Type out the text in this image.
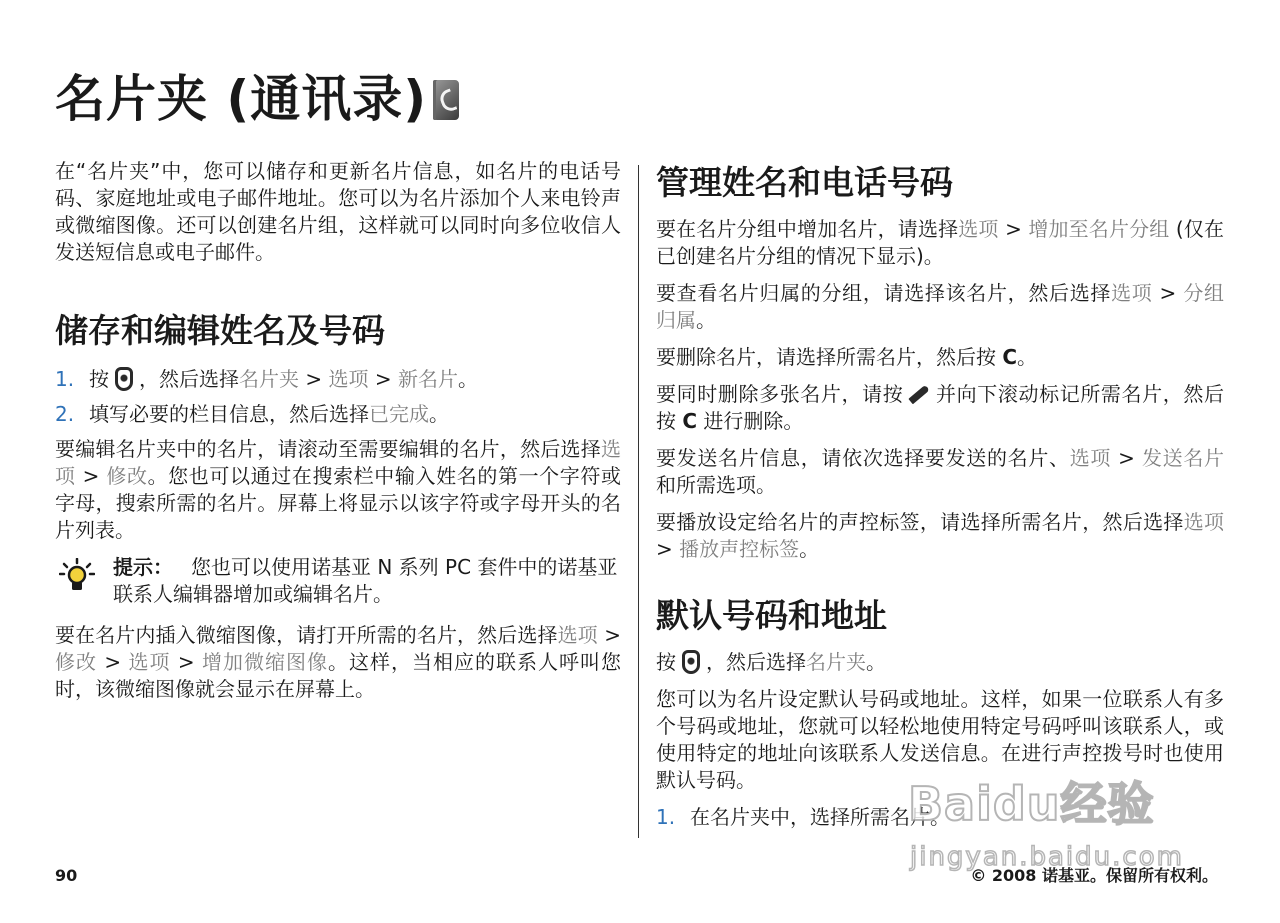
名片夹 (通讯录)

在“名片夹”中，您可以储存和更新名片信息，如名片的电话号码、家庭地址或电子邮件地址。您可以为名片添加个人来电铃声或微缩图像。还可以创建名片组，这样就可以同时向多位收信人发送短信息或电子邮件。

储存和编辑姓名及号码

1. 按 ，然后选择名片夹 > 选项 > 新名片。

2. 填写必要的栏目信息，然后选择已完成。

要编辑名片夹中的名片，请滚动至需要编辑的名片，然后选择选项 > 修改。您也可以通过在搜索栏中输入姓名的第一个字符或字母，搜索所需的名片。屏幕上将显示以该字符或字母开头的名片列表。

提示： 您也可以使用诺基亚 N 系列 PC 套件中的诺基亚联系人编辑器增加或编辑名片。

要在名片内插入微缩图像，请打开所需的名片，然后选择选项 > 修改 > 选项 > 增加微缩图像。这样，当相应的联系人呼叫您时，该微缩图像就会显示在屏幕上。

管理姓名和电话号码

要在名片分组中增加名片，请选择选项 > 增加至名片分组 (仅在已创建名片分组的情况下显示)。

要查看名片归属的分组，请选择该名片，然后选择选项 > 分组归属。

要删除名片，请选择所需名片，然后按 C。

要同时删除多张名片，请按 并向下滚动标记所需名片，然后按 C 进行删除。

要发送名片信息，请依次选择要发送的名片、选项 > 发送名片和所需选项。

要播放设定给名片的声控标签，请选择所需名片，然后选择选项 > 播放声控标签。

默认号码和地址

按 ，然后选择名片夹。

您可以为名片设定默认号码或地址。这样，如果一位联系人有多个号码或地址，您就可以轻松地使用特定号码呼叫该联系人，或使用特定的地址向该联系人发送信息。在进行声控拨号时也使用默认号码。

1. 在名片夹中，选择所需名片。

90	© 2008 诺基亚。保留所有权利。
Baidu经验
jingyan.baidu.com
